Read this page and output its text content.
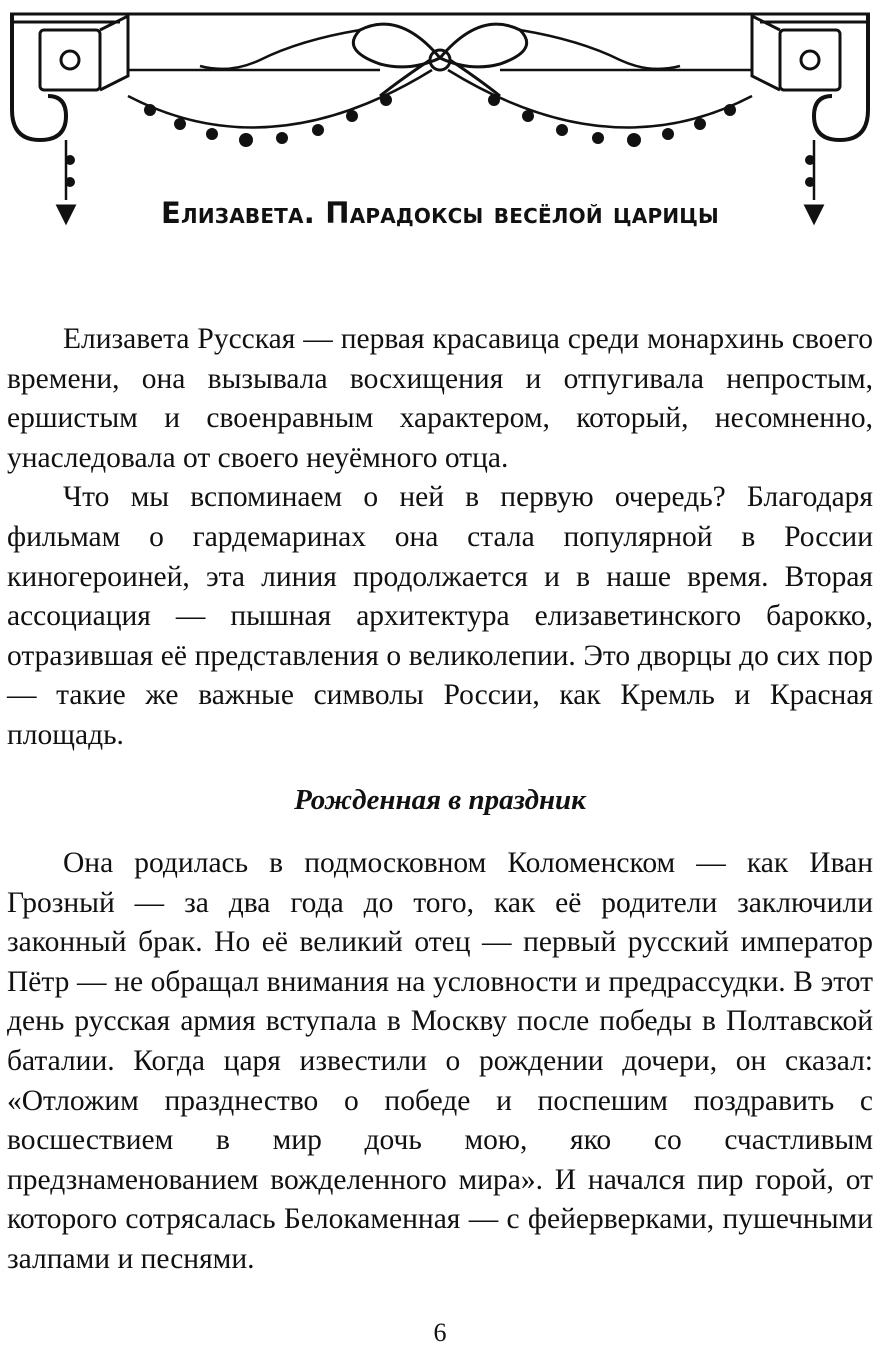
Елизавета. Парадоксы весёлой царицы

Елизавета Русская — первая красавица среди монархинь своего времени, она вызывала восхищения и отпугивала непростым, ершистым и своенравным характером, который, несомненно, унаследовала от своего неуёмного отца.

Что мы вспоминаем о ней в первую очередь? Благодаря фильмам о гардемаринах она стала популярной в России киногероиней, эта линия продолжается и в наше время. Вторая ассоциация — пышная архитектура елизаветинского барокко, отразившая её представления о великолепии. Это дворцы до сих пор — такие же важные символы России, как Кремль и Красная площадь.

Рожденная в праздник

Она родилась в подмосковном Коломенском — как Иван Грозный — за два года до того, как её родители заключили законный брак. Но её великий отец — первый русский император Пётр — не обращал внимания на условности и предрассудки. В этот день русская армия вступала в Москву после победы в Полтавской баталии. Когда царя известили о рождении дочери, он сказал: «Отложим празднество о победе и поспешим поздравить с восшествием в мир дочь мою, яко со счастливым предзнаменованием вожделенного мира». И начался пир горой, от которого сотрясалась Белокаменная — с фейерверками, пушечными залпами и песнями.

6
